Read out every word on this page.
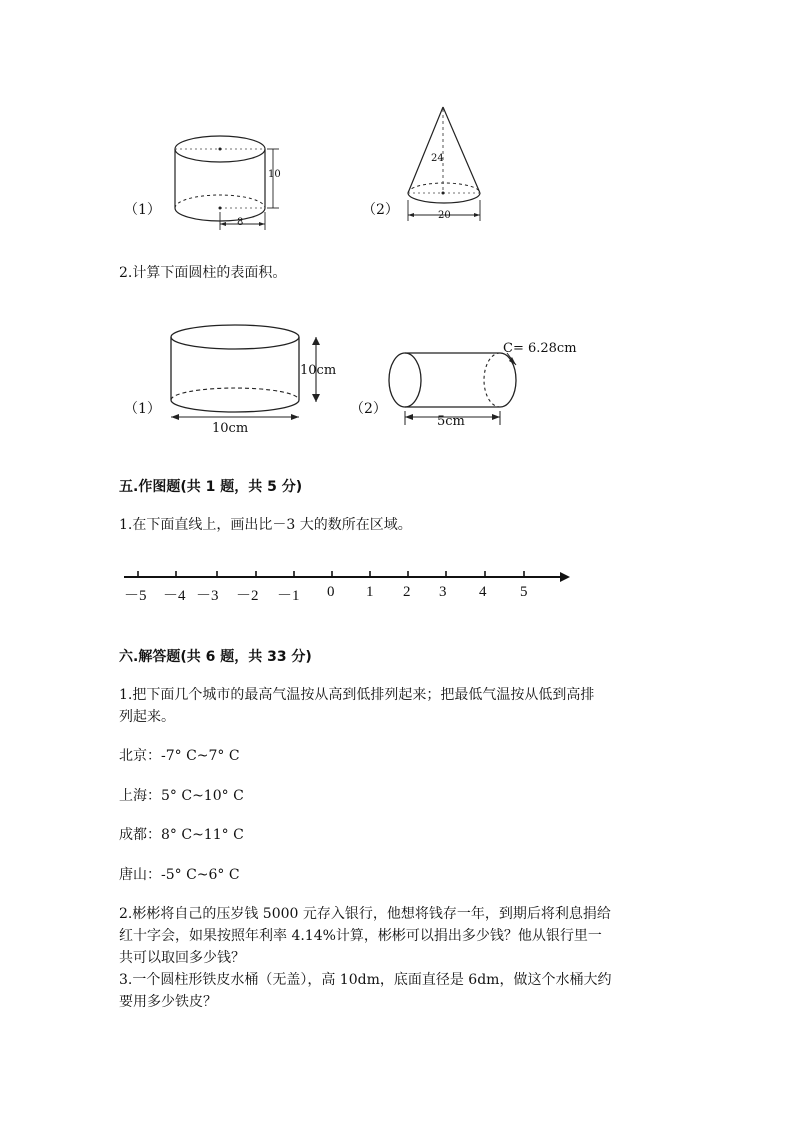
（1）
10
8
（2）
24
20
2.计算下面圆柱的表面积。
（1）
10cm
10cm
（2）
C= 6.28cm
5cm
五.作图题(共 1 题，共 5 分)
1.在下面直线上，画出比－3 大的数所在区域。
－5 －4 －3 －2 －1 0 1 2 3 4 5
六.解答题(共 6 题，共 33 分)
1.把下面几个城市的最高气温按从高到低排列起来；把最低气温按从低到高排
列起来。
北京：-7° C~7° C
上海：5° C~10° C
成都：8° C~11° C
唐山：-5° C~6° C
2.彬彬将自己的压岁钱 5000 元存入银行，他想将钱存一年，到期后将利息捐给
红十字会，如果按照年利率 4.14%计算，彬彬可以捐出多少钱？他从银行里一
共可以取回多少钱？
3.一个圆柱形铁皮水桶（无盖），高 10dm，底面直径是 6dm，做这个水桶大约
要用多少铁皮？
